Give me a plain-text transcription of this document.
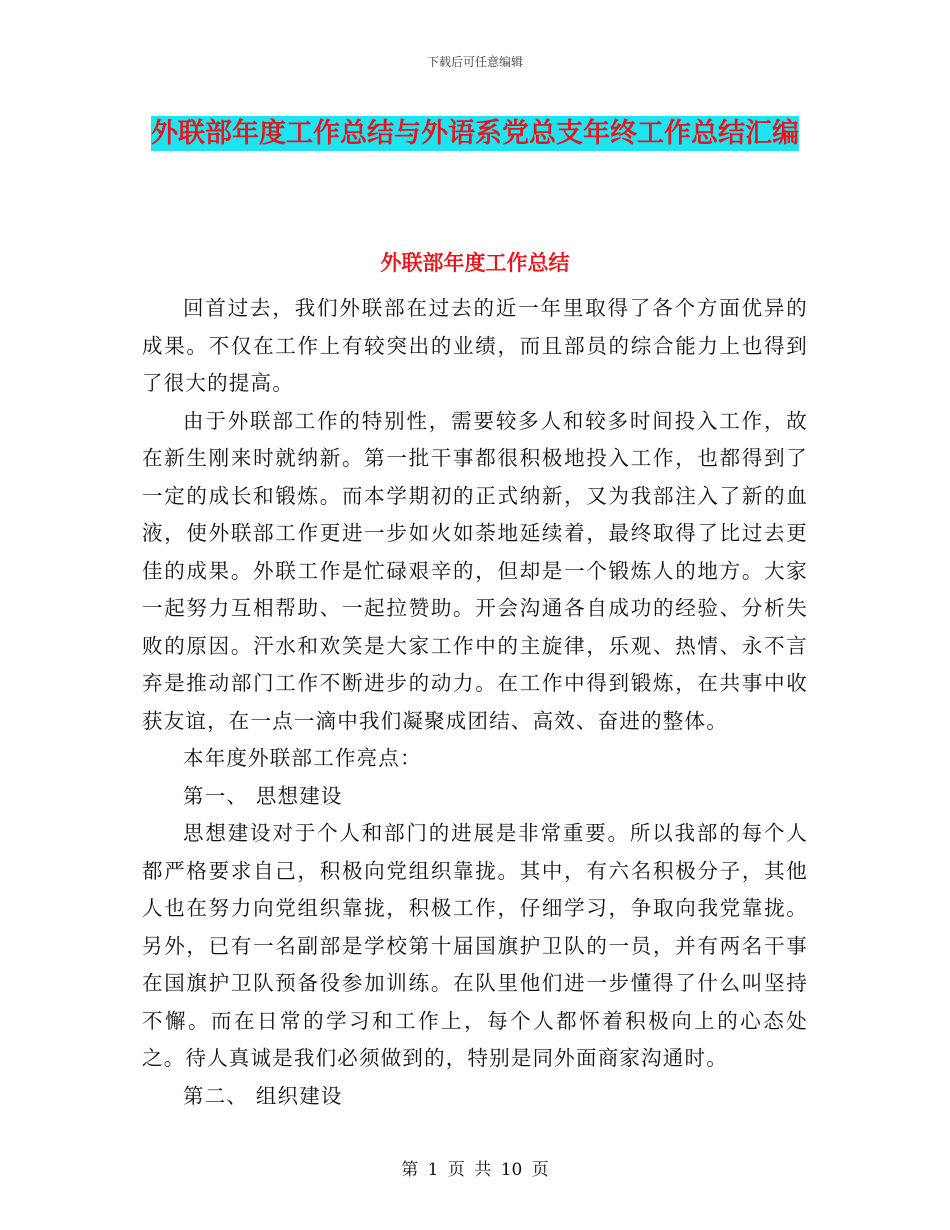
下载后可任意编辑
外联部年度工作总结与外语系党总支年终工作总结汇编
外联部年度工作总结

回首过去，我们外联部在过去的近一年里取得了各个方面优异的成果。不仅在工作上有较突出的业绩，而且部员的综合能力上也得到了很大的提高。

由于外联部工作的特别性，需要较多人和较多时间投入工作，故在新生刚来时就纳新。第一批干事都很积极地投入工作，也都得到了一定的成长和锻炼。而本学期初的正式纳新，又为我部注入了新的血液，使外联部工作更进一步如火如荼地延续着，最终取得了比过去更佳的成果。外联工作是忙碌艰辛的，但却是一个锻炼人的地方。大家一起努力互相帮助、一起拉赞助。开会沟通各自成功的经验、分析失败的原因。汗水和欢笑是大家工作中的主旋律，乐观、热情、永不言弃是推动部门工作不断进步的动力。在工作中得到锻炼，在共事中收获友谊，在一点一滴中我们凝聚成团结、高效、奋进的整体。

本年度外联部工作亮点：

第一、 思想建设

思想建设对于个人和部门的进展是非常重要。所以我部的每个人都严格要求自己，积极向党组织靠拢。其中，有六名积极分子，其他人也在努力向党组织靠拢，积极工作，仔细学习，争取向我党靠拢。另外，已有一名副部是学校第十届国旗护卫队的一员，并有两名干事在国旗护卫队预备役参加训练。在队里他们进一步懂得了什么叫坚持不懈。而在日常的学习和工作上，每个人都怀着积极向上的心态处之。待人真诚是我们必须做到的，特别是同外面商家沟通时。

第二、 组织建设

第 1 页 共 10 页
